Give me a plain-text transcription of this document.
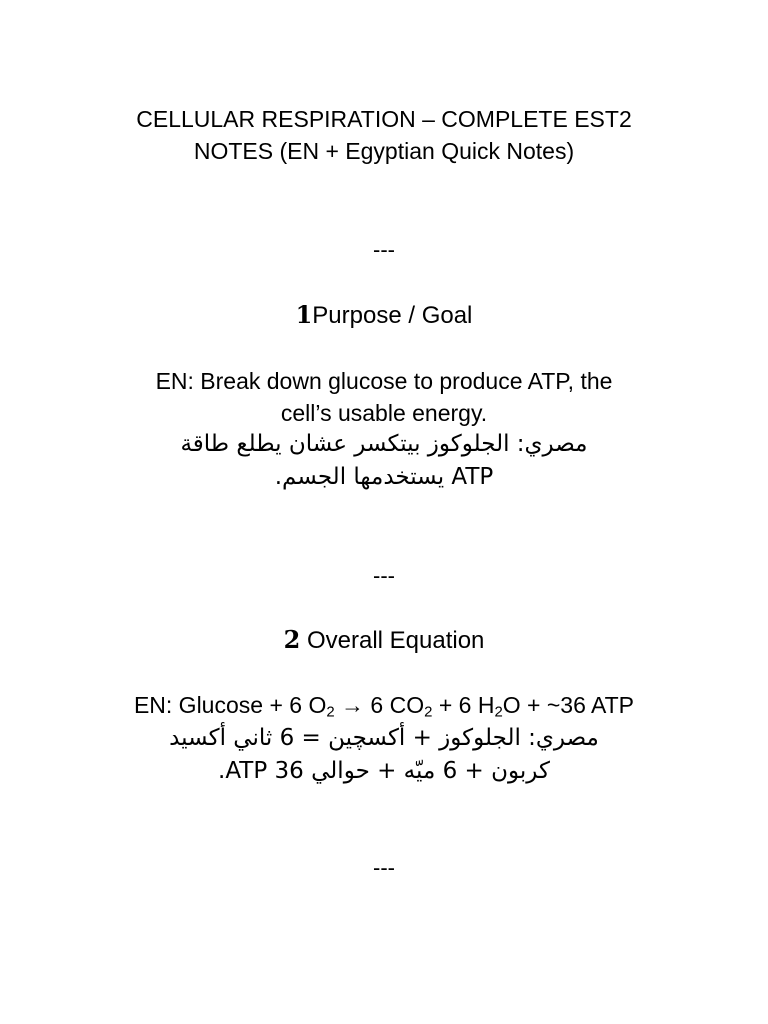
CELLULAR RESPIRATION – COMPLETE EST2
NOTES (EN + Egyptian Quick Notes)
---
1Purpose / Goal
EN: Break down glucose to produce ATP, the
cell’s usable energy.
مصري: الجلوكوز بيتكسر عشان يطلع طاقة
ATP يستخدمها الجسم.
---
2 Overall Equation
EN: Glucose + 6 $O_2 \to 6$ $CO_2 + 6$ $H_2O$ + ~36 ATP
مصري: الجلوكوز + أكسچين = 6 ثاني أكسيد
كربون + 6 ميّه + حوالي 36 ATP.
---
